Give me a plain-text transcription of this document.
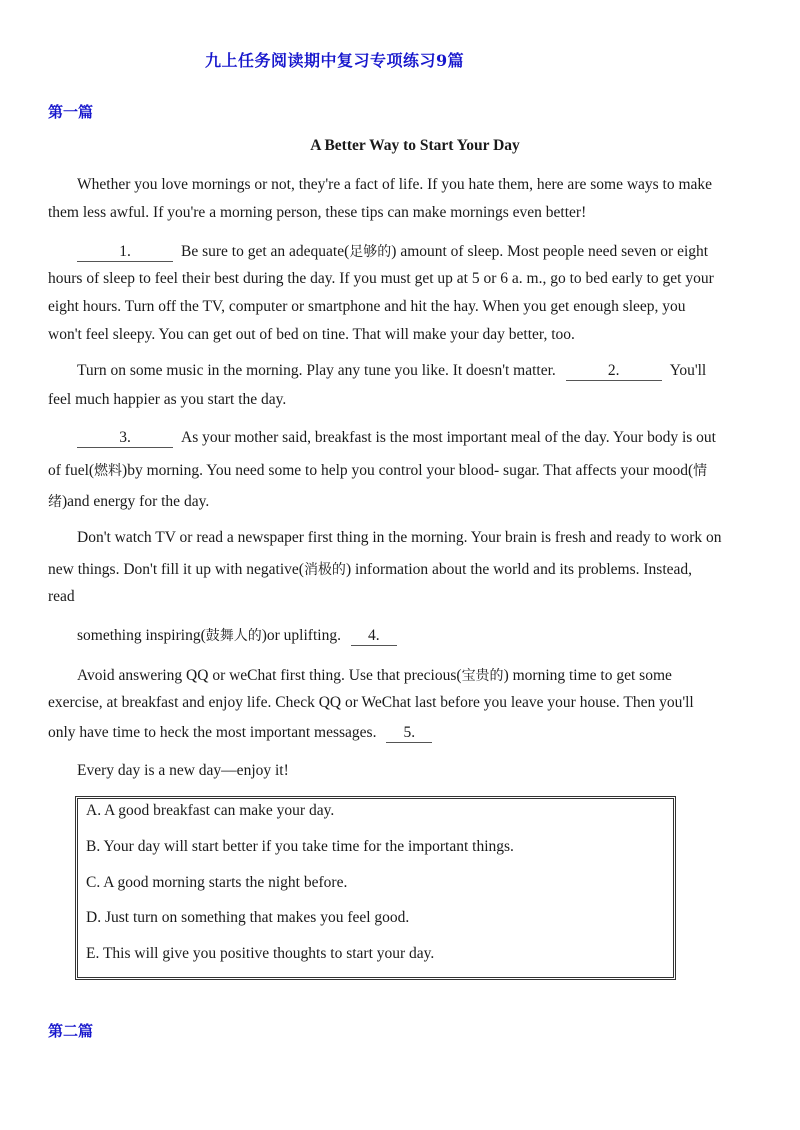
九上任务阅读期中复习专项练习9篇
第一篇
A Better Way to Start Your Day
Whether you love mornings or not, they're a fact of life. If you hate them, here are some ways to make
them less awful. If you're a morning person, these tips can make mornings even better!
1.	Be sure to get an adequate(足够的) amount of sleep. Most people need seven or eight
hours of sleep to feel their best during the day. If you must get up at 5 or 6 a. m., go to bed early to get your
eight hours. Turn off the TV, computer or smartphone and hit the hay. When you get enough sleep, you
won't feel sleepy. You can get out of bed on tine. That will make your day better, too.
Turn on some music in the morning. Play any tune you like. It doesn't matter.	2.	You'll
feel much happier as you start the day.
3.	As your mother said, breakfast is the most important meal of the day. Your body is out
of fuel(燃料)by morning. You need some to help you control your blood- sugar. That affects your mood(情
绪)and energy for the day.
Don't watch TV or read a newspaper first thing in the morning. Your brain is fresh and ready to work on
new things. Don't fill it up with negative(消极的) information about the world and its problems. Instead,
read
something inspiring(鼓舞人的)or uplifting. 4.
Avoid answering QQ or weChat first thing. Use that precious(宝贵的) morning time to get some
exercise, at breakfast and enjoy life. Check QQ or WeChat last before you leave your house. Then you'll
only have time to heck the most important messages. 5.
Every day is a new day—enjoy it!
A. A good breakfast can make your day.
B. Your day will start better if you take time for the important things.
C. A good morning starts the night before.
D. Just turn on something that makes you feel good.
E. This will give you positive thoughts to start your day.
第二篇
